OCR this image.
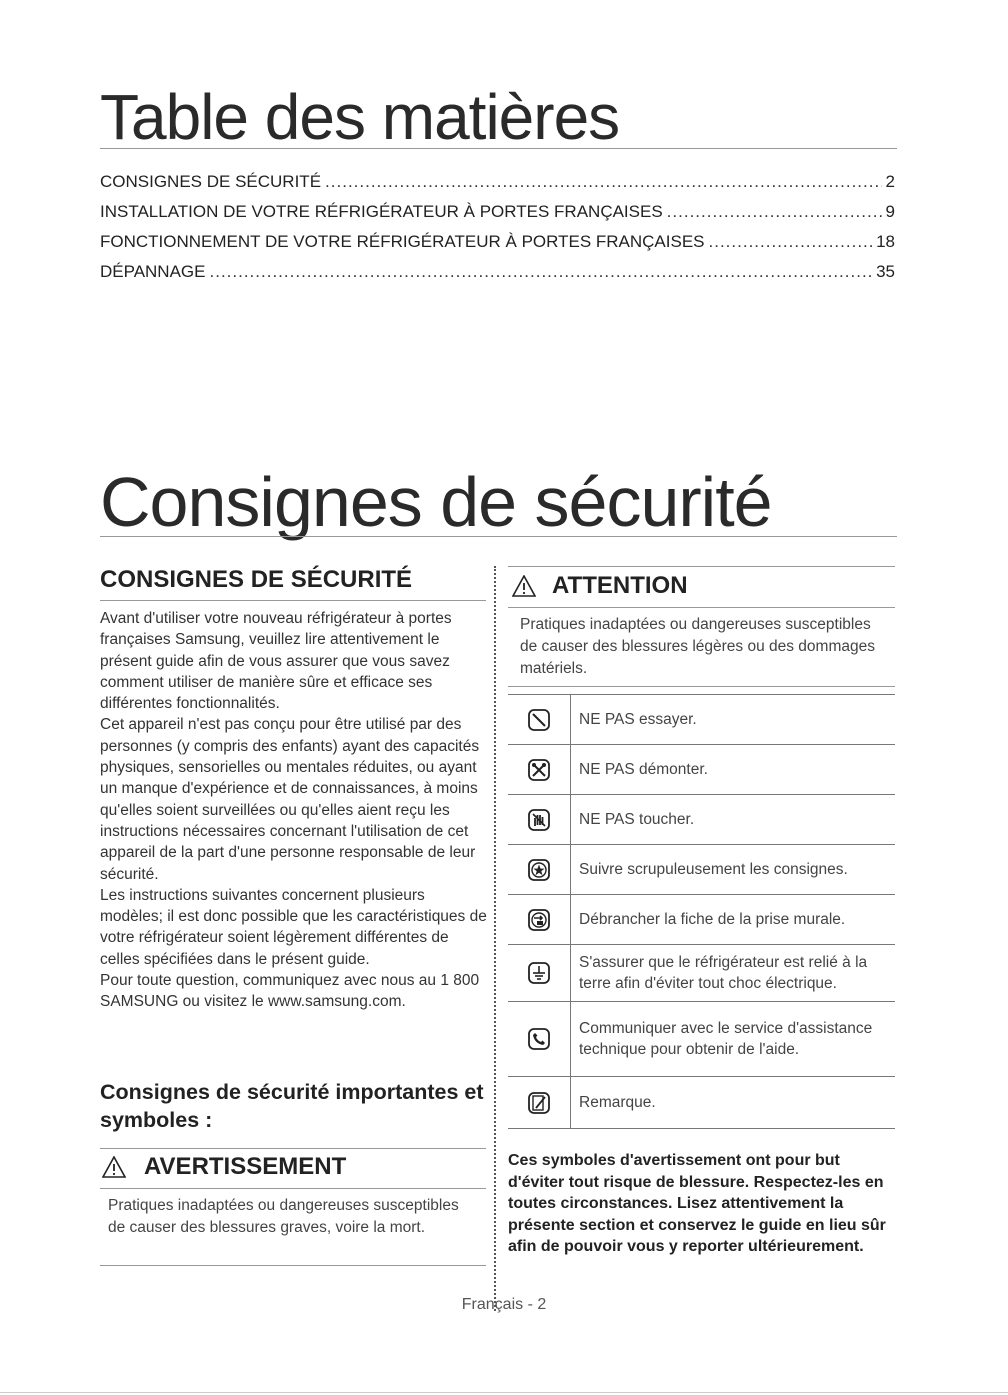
Table des matières
CONSIGNES DE SÉCURITÉ .....	2
INSTALLATION DE VOTRE RÉFRIGÉRATEUR À PORTES FRANÇAISES .....	9
FONCTIONNEMENT DE VOTRE RÉFRIGÉRATEUR À PORTES FRANÇAISES .....	18
DÉPANNAGE .....	35
Consignes de sécurité
CONSIGNES DE SÉCURITÉ

Avant d'utiliser votre nouveau réfrigérateur à portes françaises Samsung, veuillez lire attentivement le présent guide afin de vous assurer que vous savez comment utiliser de manière sûre et efficace ses différentes fonctionnalités.

Cet appareil n'est pas conçu pour être utilisé par des personnes (y compris des enfants) ayant des capacités physiques, sensorielles ou mentales réduites, ou ayant un manque d'expérience et de connaissances, à moins qu'elles soient surveillées ou qu'elles aient reçu les instructions nécessaires concernant l'utilisation de cet appareil de la part d'une personne responsable de leur sécurité.

Les instructions suivantes concernent plusieurs modèles; il est donc possible que les caractéristiques de votre réfrigérateur soient légèrement différentes de celles spécifiées dans le présent guide.

Pour toute question, communiquez avec nous au 1 800 SAMSUNG ou visitez le www.samsung.com.

Consignes de sécurité importantes et symboles :
AVERTISSEMENT
Pratiques inadaptées ou dangereuses susceptibles de causer des blessures graves, voire la mort.
ATTENTION
Pratiques inadaptées ou dangereuses susceptibles de causer des blessures légères ou des dommages matériels.
	NE PAS essayer.
	NE PAS démonter.
	NE PAS toucher.
	Suivre scrupuleusement les consignes.
	Débrancher la fiche de la prise murale.
	S'assurer que le réfrigérateur est relié à la terre afin d'éviter tout choc électrique.
	Communiquer avec le service d'assistance technique pour obtenir de l'aide.
	Remarque.
Ces symboles d'avertissement ont pour but d'éviter tout risque de blessure. Respectez-les en toutes circonstances. Lisez attentivement la présente section et conservez le guide en lieu sûr afin de pouvoir vous y reporter ultérieurement.
Français - 2
